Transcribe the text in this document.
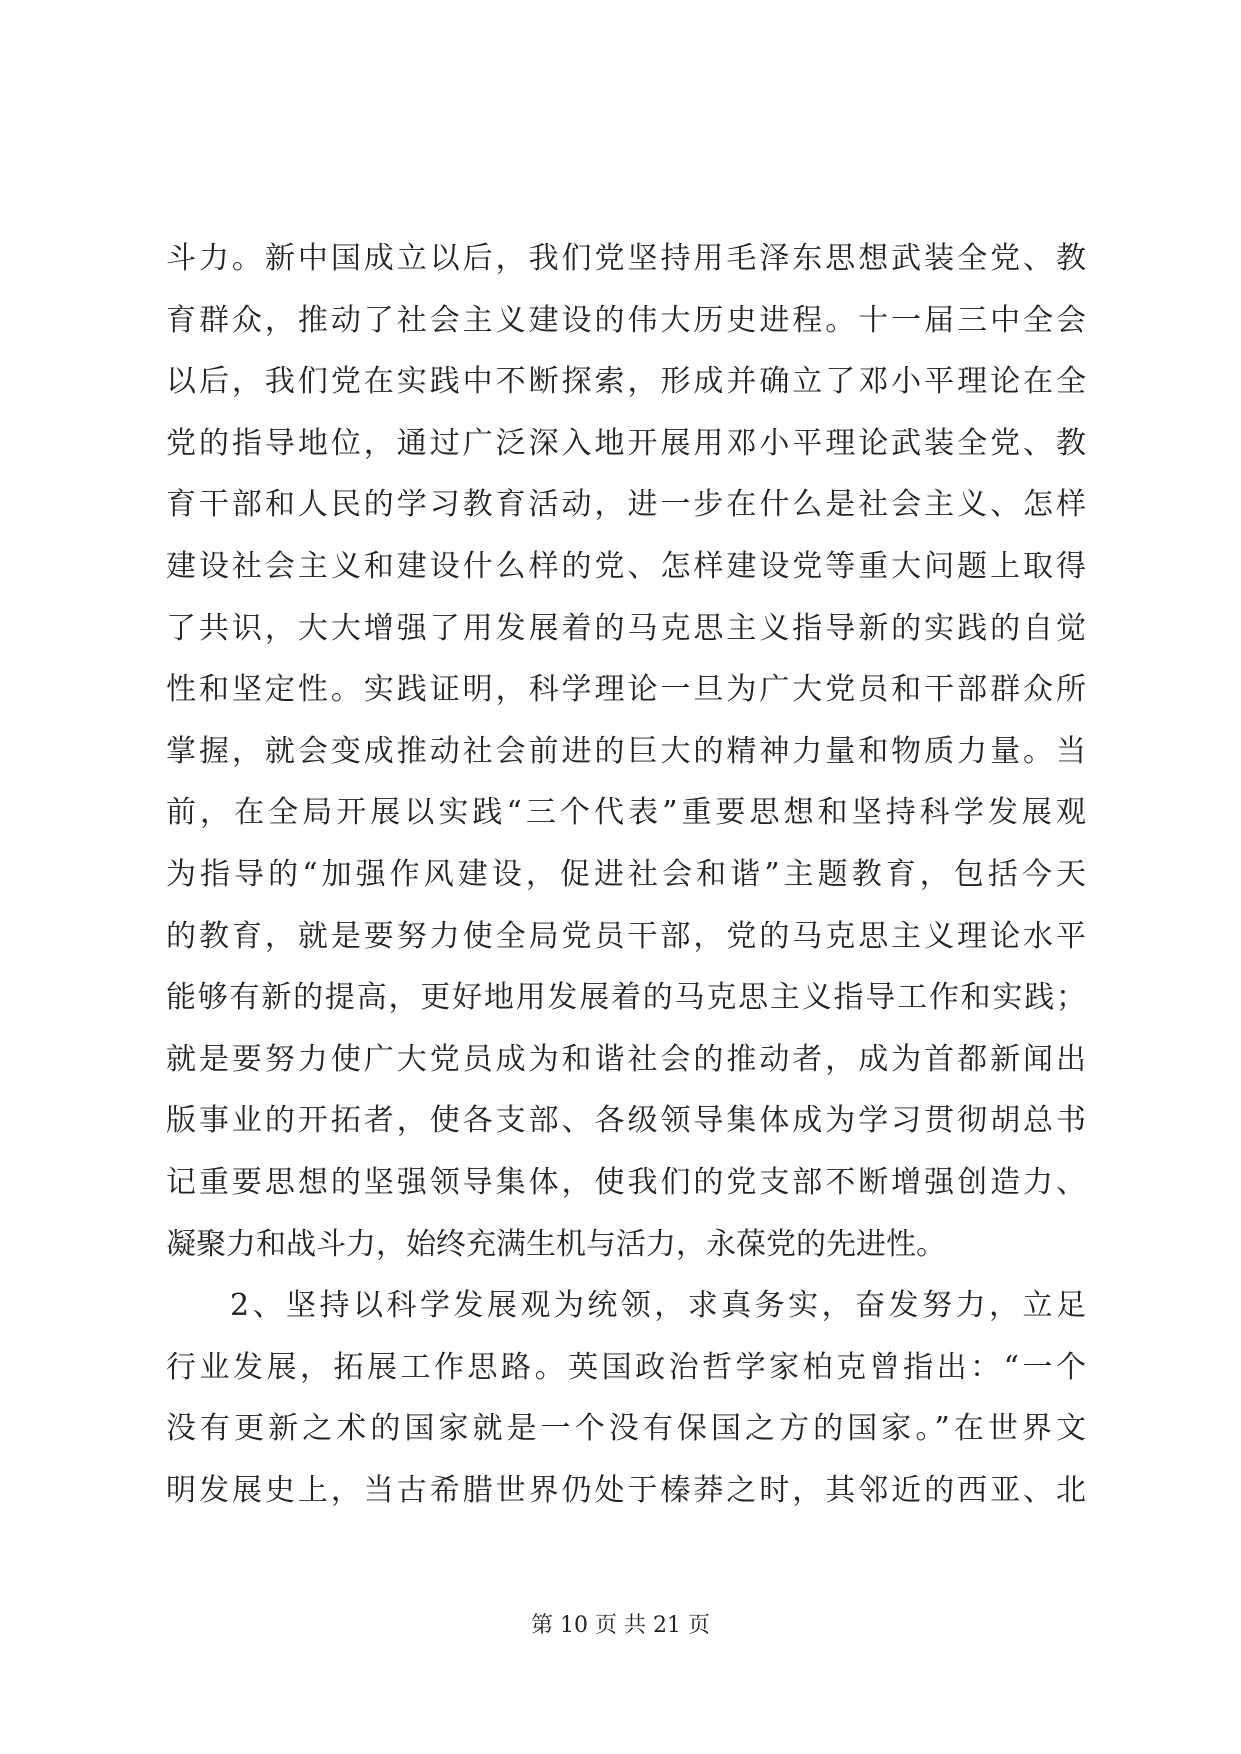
斗力。新中国成立以后，我们党坚持用毛泽东思想武装全党、教
育群众，推动了社会主义建设的伟大历史进程。十一届三中全会
以后，我们党在实践中不断探索，形成并确立了邓小平理论在全
党的指导地位，通过广泛深入地开展用邓小平理论武装全党、教
育干部和人民的学习教育活动，进一步在什么是社会主义、怎样
建设社会主义和建设什么样的党、怎样建设党等重大问题上取得
了共识，大大增强了用发展着的马克思主义指导新的实践的自觉
性和坚定性。实践证明，科学理论一旦为广大党员和干部群众所
掌握，就会变成推动社会前进的巨大的精神力量和物质力量。当
前，在全局开展以实践“三个代表”重要思想和坚持科学发展观
为指导的“加强作风建设，促进社会和谐”主题教育，包括今天
的教育，就是要努力使全局党员干部，党的马克思主义理论水平
能够有新的提高，更好地用发展着的马克思主义指导工作和实践；
就是要努力使广大党员成为和谐社会的推动者，成为首都新闻出
版事业的开拓者，使各支部、各级领导集体成为学习贯彻胡总书
记重要思想的坚强领导集体，使我们的党支部不断增强创造力、
凝聚力和战斗力，始终充满生机与活力，永葆党的先进性。
2、坚持以科学发展观为统领，求真务实，奋发努力，立足
行业发展，拓展工作思路。英国政治哲学家柏克曾指出：“一个
没有更新之术的国家就是一个没有保国之方的国家。”在世界文
明发展史上，当古希腊世界仍处于榛莽之时，其邻近的西亚、北
第 10 页 共 21 页
